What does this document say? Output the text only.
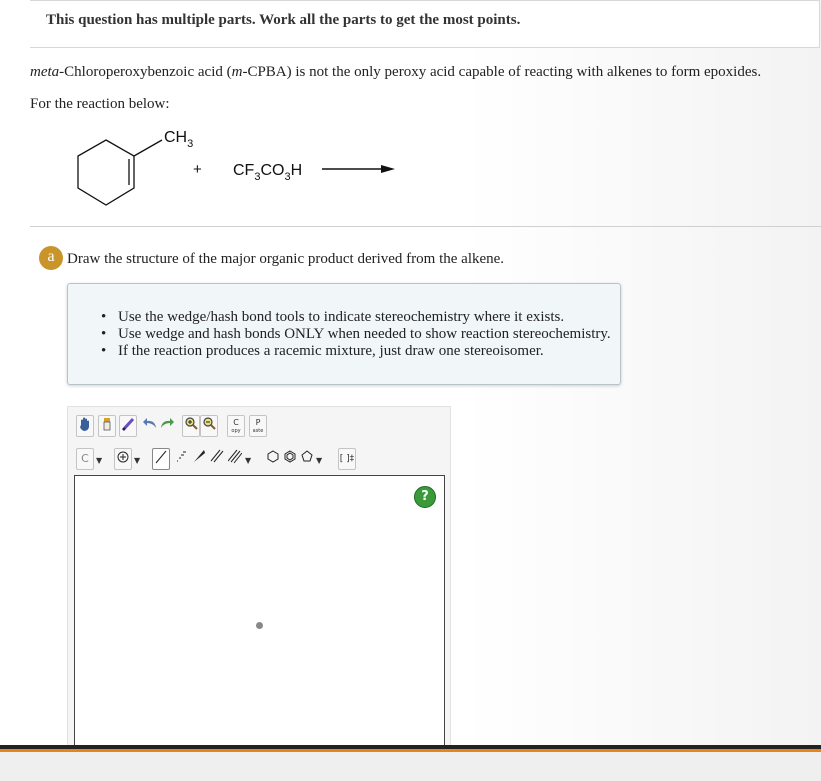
This question has multiple parts. Work all the parts to get the most points.
meta-Chloroperoxybenzoic acid (m-CPBA) is not the only peroxy acid capable of reacting with alkenes to form epoxides.
For the reaction below:
$CH_3$
+ $CF_3CO_3H$
a Draw the structure of the major organic product derived from the alkene.
• Use the wedge/hash bond tools to indicate stereochemistry where it exists.
• Use wedge and hash bonds ONLY when needed to show reaction stereochemistry.
• If the reaction produces a racemic mixture, just draw one stereoisomer.
C
opy
P
aste
C ▼	▼	▼	▼ [ ]‡
?
